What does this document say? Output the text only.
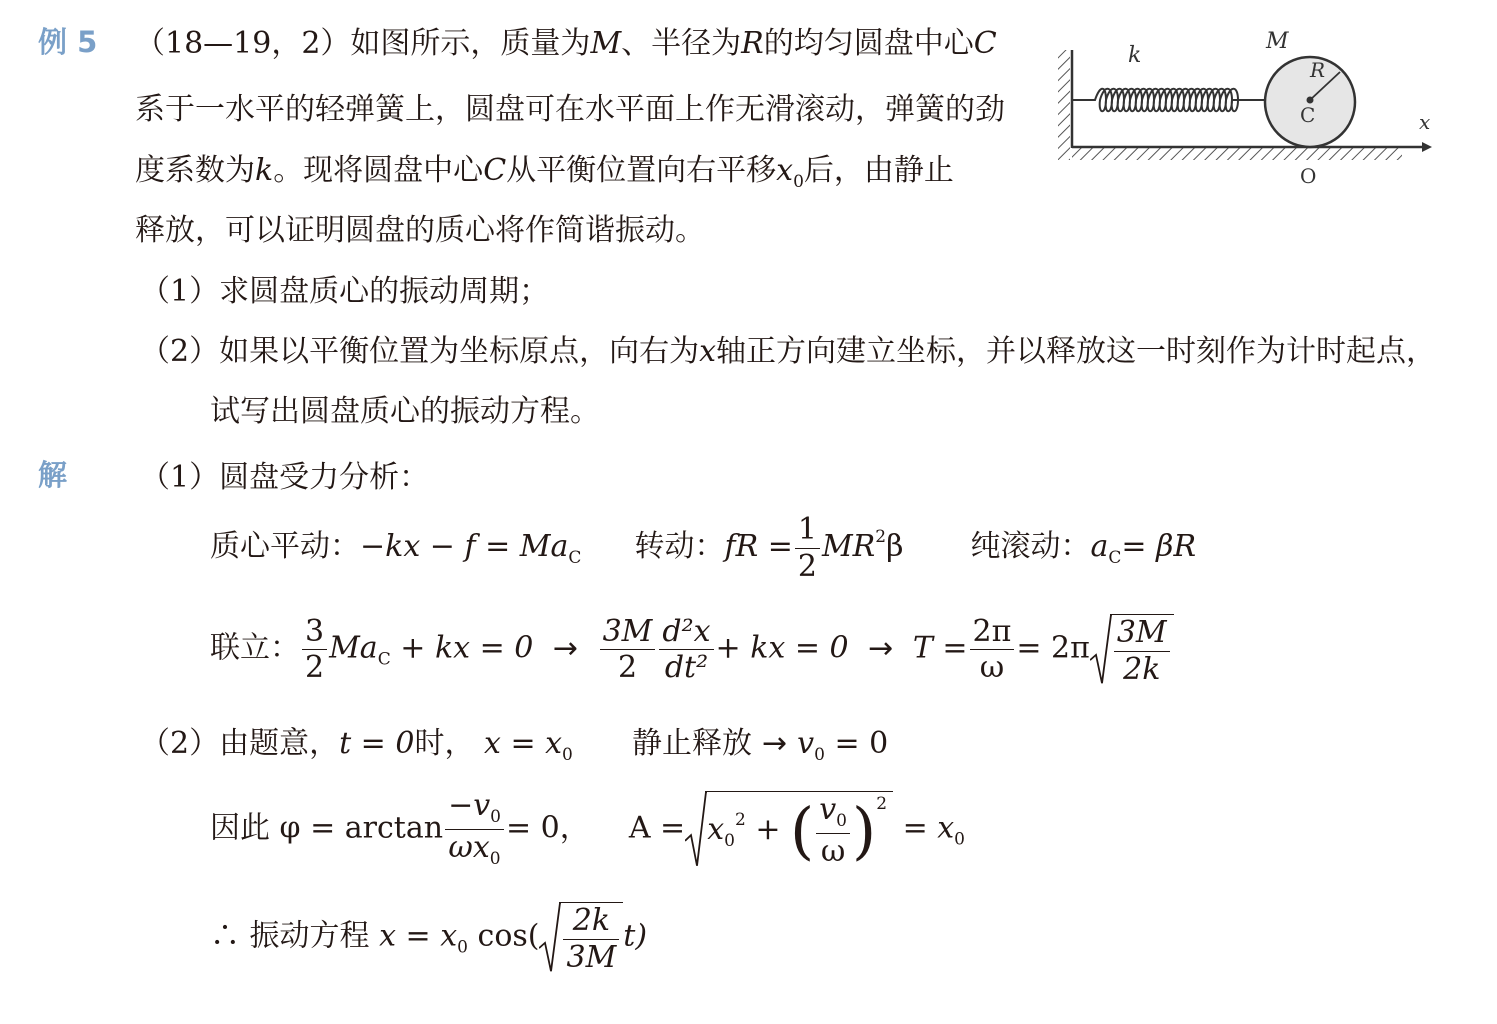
例 5 （18—19，2）如图所示，质量为M、半径为R的均匀圆盘中心C
系于一水平的轻弹簧上，圆盘可在水平面上作无滑滚动，弹簧的劲
度系数为k。现将圆盘中心C从平衡位置向右平移$x_0$后，由静止
释放，可以证明圆盘的质心将作简谐振动。
（1）求圆盘质心的振动周期；
（2）如果以平衡位置为坐标原点，向右为x轴正方向建立坐标，并以释放这一时刻作为计时起点，
试写出圆盘质心的振动方程。
k
M
R
C	x
O
解 （1）圆盘受力分析：
质心平动：$-kx - f = Ma_C$ 转动：fR = $\frac{1}{2} MR^2\beta$ 纯滚动：$a_C= \beta R$
联立： $\frac{3}{2} Ma_C$ + kx = $0 \to \frac{3M}{2} \frac{\text{d²x}}{\text{dt²}}$ + kx = $0 \to T = \frac{2\pi}{\omega} = 2\pi \frac{3M}{2k}$
（2）由题意，t = 0时， $x = x_0$ 静止释放 → $v_0 = 0$
因此 $\varphi = \arctan \frac{-v_0}{\omega x_0} = 0$， $A = x_0^2$ + ( $\frac{v_0}{\omega} )^2 = x_0$
∴ 振动方程 $x = x_0$ $\cos( \frac{2k}{3M} t)$
